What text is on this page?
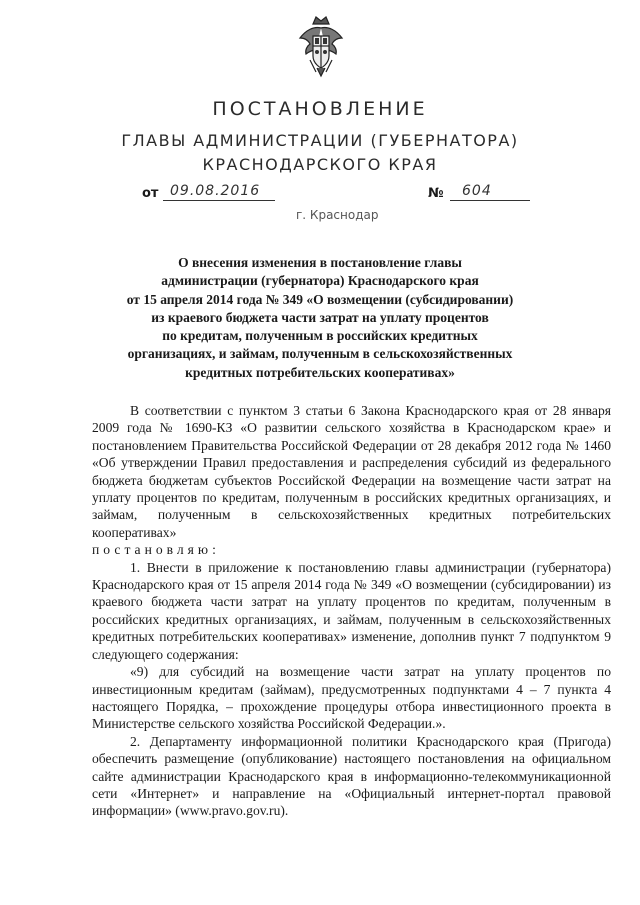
ПОСТАНОВЛЕНИЕ
ГЛАВЫ АДМИНИСТРАЦИИ (ГУБЕРНАТОРА)
КРАСНОДАРСКОГО КРАЯ
от 09.08.2016	№ 604
г. Краснодар
О внесения изменения в постановление главы
администрации (губернатора) Краснодарского края
от 15 апреля 2014 года № 349 «О возмещении (субсидировании)
из краевого бюджета части затрат на уплату процентов
по кредитам, полученным в российских кредитных
организациях, и займам, полученным в сельскохозяйственных
кредитных потребительских кооперативах»

В соответствии с пунктом 3 статьи 6 Закона Краснодарского края от 28 января 2009 года № 1690-КЗ «О развитии сельского хозяйства в Краснодарском крае» и постановлением Правительства Российской Федерации от 28 декабря 2012 года № 1460 «Об утверждении Правил предоставления и распределения субсидий из федерального бюджета бюджетам субъектов Российской Федерации на возмещение части затрат на уплату процентов по кредитам, полученным в российских кредитных организациях, и займам, полученным в сельскохозяйственных кредитных потребительских кооперативах»

постановляю:

1. Внести в приложение к постановлению главы администрации (губернатора) Краснодарского края от 15 апреля 2014 года № 349 «О возмещении (субсидировании) из краевого бюджета части затрат на уплату процентов по кредитам, полученным в российских кредитных организациях, и займам, полученным в сельскохозяйственных кредитных потребительских кооперативах» изменение, дополнив пункт 7 подпунктом 9 следующего содержания:

«9) для субсидий на возмещение части затрат на уплату процентов по инвестиционным кредитам (займам), предусмотренных подпунктами 4 – 7 пункта 4 настоящего Порядка, – прохождение процедуры отбора инвестиционного проекта в Министерстве сельского хозяйства Российской Федерации.».

2. Департаменту информационной политики Краснодарского края (Пригода) обеспечить размещение (опубликование) настоящего постановления на официальном сайте администрации Краснодарского края в информационно-телекоммуникационной сети «Интернет» и направление на «Официальный интернет-портал правовой информации» (www.pravo.gov.ru).
